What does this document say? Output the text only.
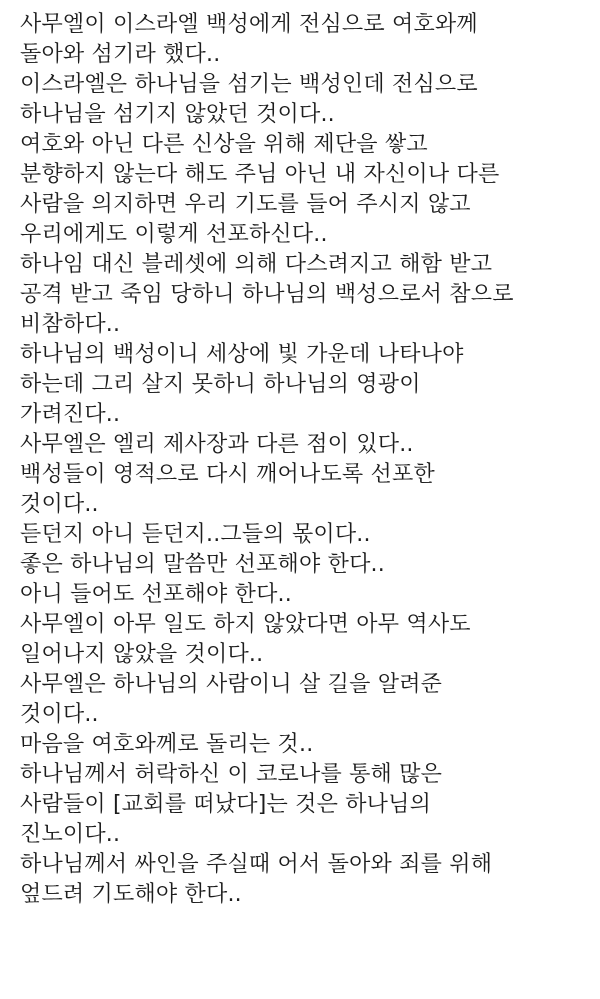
사무엘이 이스라엘 백성에게 전심으로 여호와께
돌아와 섬기라 했다..
이스라엘은 하나님을 섬기는 백성인데 전심으로
하나님을 섬기지 않았던 것이다..
여호와 아닌 다른 신상을 위해 제단을 쌓고
분향하지 않는다 해도 주님 아닌 내 자신이나 다른
사람을 의지하면 우리 기도를 들어 주시지 않고
우리에게도 이렇게 선포하신다..
하나임 대신 블레셋에 의해 다스려지고 해함 받고
공격 받고 죽임 당하니 하나님의 백성으로서 참으로
비참하다..
하나님의 백성이니 세상에 빛 가운데 나타나야
하는데 그리 살지 못하니 하나님의 영광이
가려진다..
사무엘은 엘리 제사장과 다른 점이 있다..
백성들이 영적으로 다시 깨어나도록 선포한
것이다..
듣던지 아니 듣던지..그들의 몫이다..
좋은 하나님의 말씀만 선포해야 한다..
아니 들어도 선포해야 한다..
사무엘이 아무 일도 하지 않았다면 아무 역사도
일어나지 않았을 것이다..
사무엘은 하나님의 사람이니 살 길을 알려준
것이다..
마음을 여호와께로 돌리는 것..
하나님께서 허락하신 이 코로나를 통해 많은
사람들이 [교회를 떠났다]는 것은 하나님의
진노이다..
하나님께서 싸인을 주실때 어서 돌아와 죄를 위해
엎드려 기도해야 한다..
